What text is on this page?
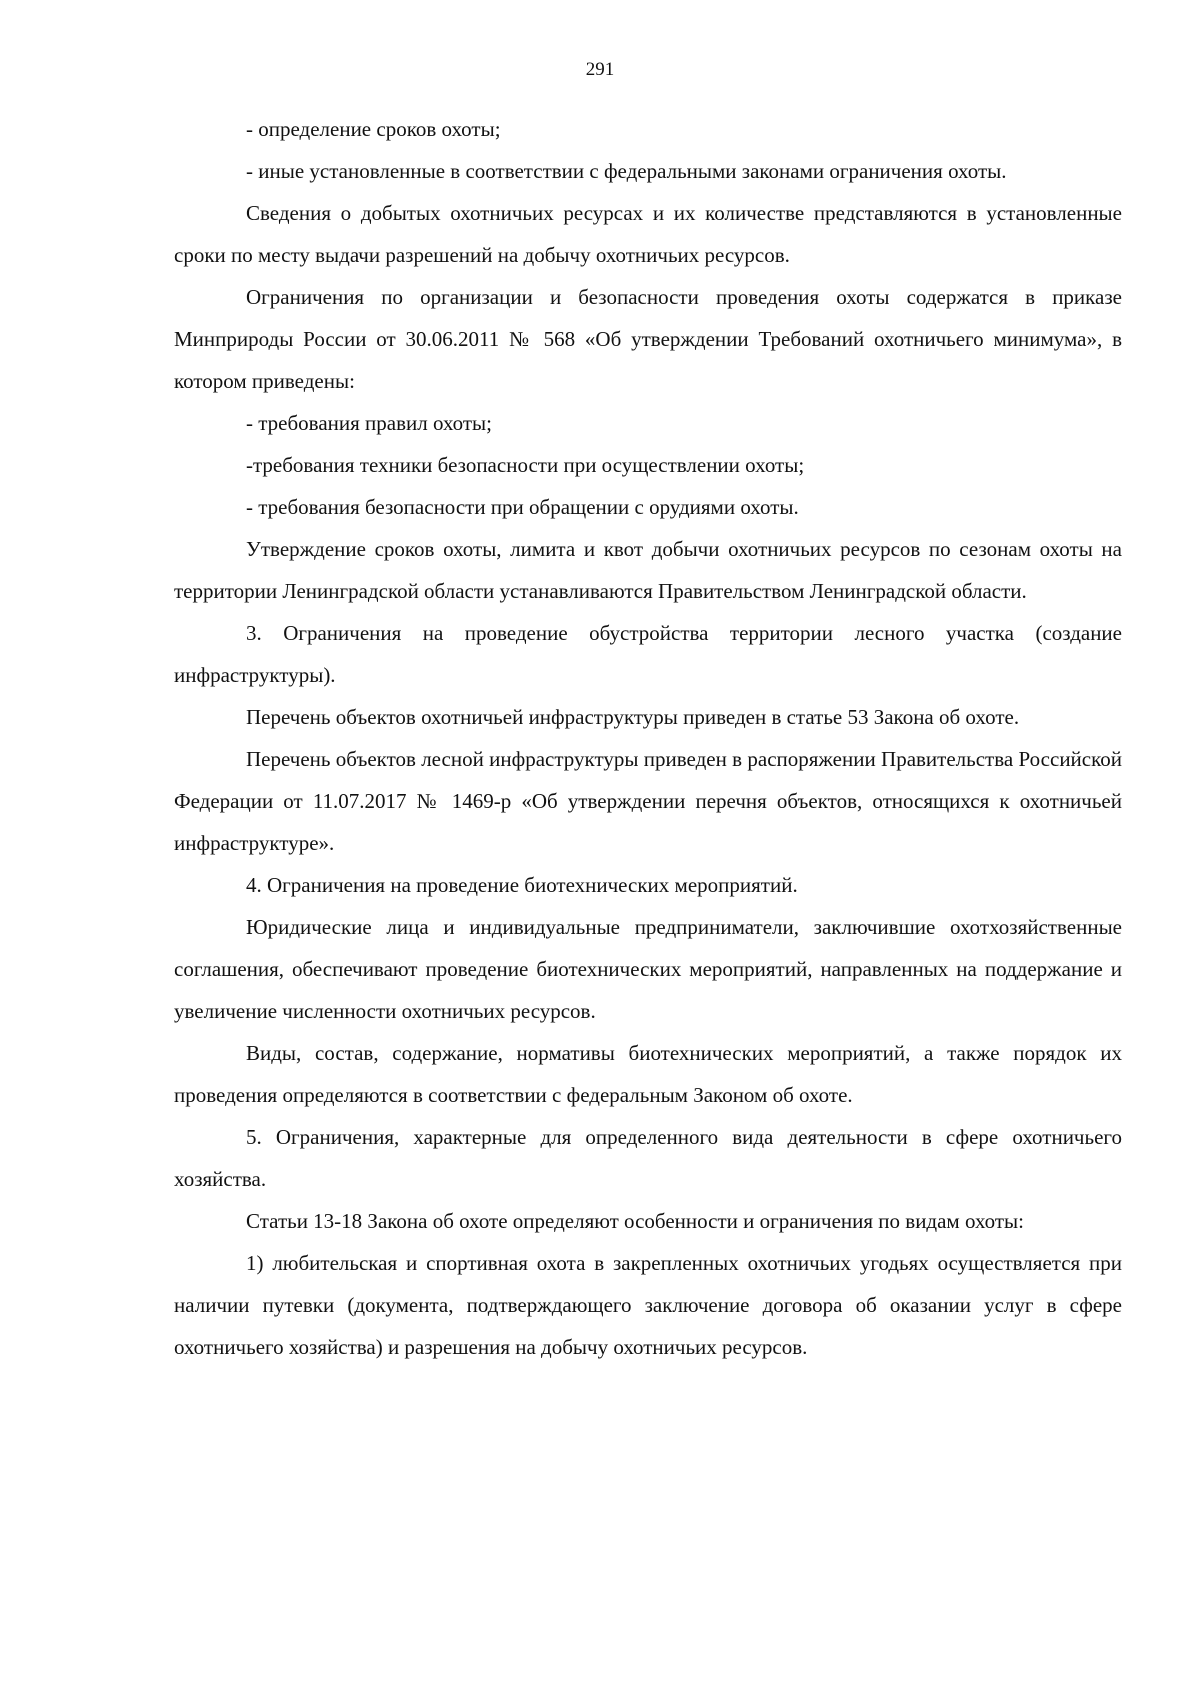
291

- определение сроков охоты;

- иные установленные в соответствии с федеральными законами ограничения охоты.

Сведения о добытых охотничьих ресурсах и их количестве представляются в установленные сроки по месту выдачи разрешений на добычу охотничьих ресурсов.

Ограничения по организации и безопасности проведения охоты содержатся в приказе Минприроды России от 30.06.2011 № 568 «Об утверждении Требований охотничьего минимума», в котором приведены:

- требования правил охоты;

-требования техники безопасности при осуществлении охоты;

- требования безопасности при обращении с орудиями охоты.

Утверждение сроков охоты, лимита и квот добычи охотничьих ресурсов по сезонам охоты на территории Ленинградской области устанавливаются Правительством Ленинградской области.

3. Ограничения на проведение обустройства территории лесного участка (создание инфраструктуры).

Перечень объектов охотничьей инфраструктуры приведен в статье 53 Закона об охоте.

Перечень объектов лесной инфраструктуры приведен в распоряжении Правительства Российской Федерации от 11.07.2017 № 1469-р «Об утверждении перечня объектов, относящихся к охотничьей инфраструктуре».

4. Ограничения на проведение биотехнических мероприятий.

Юридические лица и индивидуальные предприниматели, заключившие охотхозяйственные соглашения, обеспечивают проведение биотехнических мероприятий, направленных на поддержание и увеличение численности охотничьих ресурсов.

Виды, состав, содержание, нормативы биотехнических мероприятий, а также порядок их проведения определяются в соответствии с федеральным Законом об охоте.

5. Ограничения, характерные для определенного вида деятельности в сфере охотничьего хозяйства.

Статьи 13-18 Закона об охоте определяют особенности и ограничения по видам охоты:

1) любительская и спортивная охота в закрепленных охотничьих угодьях осуществляется при наличии путевки (документа, подтверждающего заключение договора об оказании услуг в сфере охотничьего хозяйства) и разрешения на добычу охотничьих ресурсов.
